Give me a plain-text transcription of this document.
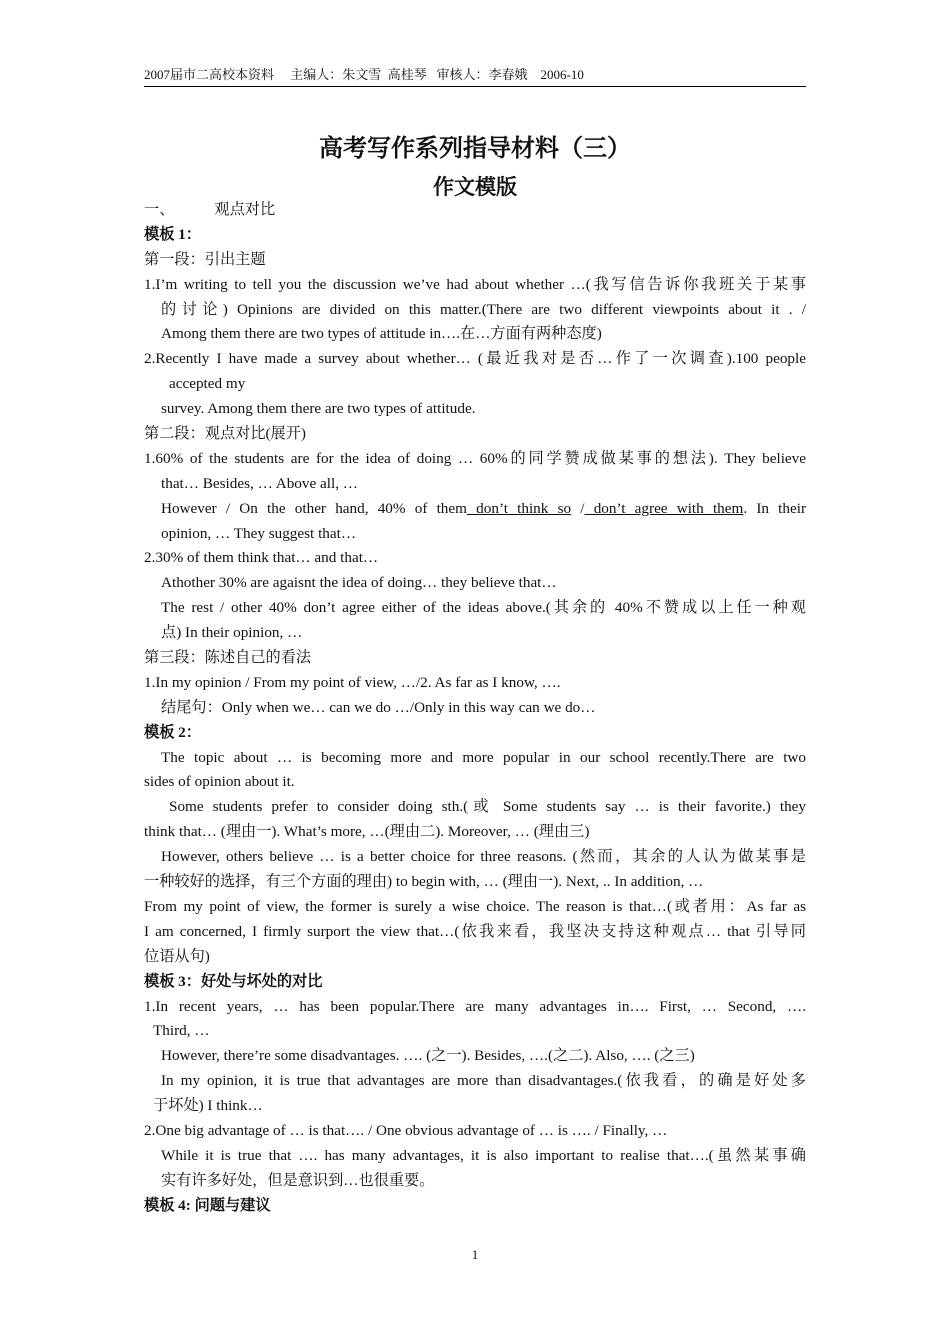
2007届市二高校本资料     主编人：朱文雪  高桂琴   审核人：李春娥    2006-10
高考写作系列指导材料（三）
作文模版
一、	观点对比
模板 1：
第一段：引出主题
1.I’m writing to tell you the discussion we’ve had about whether …(我写信告诉你我班关于某事
的讨论) Opinions are divided on this matter.(There are two different viewpoints about it . /
Among them there are two types of attitude in….在…方面有两种态度)
2.Recently I have made a survey about whether… (最近我对是否…作了一次调查).100 people
accepted my
survey. Among them there are two types of attitude.
第二段：观点对比(展开)
1.60% of the students are for the idea of doing … 60%的同学赞成做某事的想法). They believe
that… Besides, … Above all, …
However / On the other hand, 40% of them don’t think so / don’t agree with them. In their
opinion, … They suggest that…
2.30% of them think that… and that…
Athother 30% are agaisnt the idea of doing… they believe that…
The rest / other 40% don’t agree either of the ideas above.(其余的 40%不赞成以上任一种观
点) In their opinion, …
第三段：陈述自己的看法
1.In my opinion / From my point of view, …/2. As far as I know, ….
结尾句：Only when we… can we do …/Only in this way can we do…
模板 2：
The topic about … is becoming more and more popular in our school recently.There are two
sides of opinion about it.
Some students prefer to consider doing sth.(或 Some students say … is their favorite.) they
think that… (理由一). What’s more, …(理由二). Moreover, … (理由三)
However, others believe … is a better choice for three reasons. (然而，其余的人认为做某事是
一种较好的选择，有三个方面的理由) to begin with, … (理由一). Next, .. In addition, …
From my point of view, the former is surely a wise choice. The reason is that…(或者用：As far as
I am concerned, I firmly surport the view that…(依我来看，我坚决支持这种观点… that 引导同
位语从句)
模板 3：好处与坏处的对比
1.In recent years, … has been popular.There are many advantages in…. First, … Second, ….
Third, …
However, there’re some disadvantages. …. (之一). Besides, ….(之二). Also, …. (之三)
In my opinion, it is true that advantages are more than disadvantages.(依我看，的确是好处多
于坏处) I think…
2.One big advantage of … is that…. / One obvious advantage of … is …. / Finally, …
While it is true that …. has many advantages, it is also important to realise that….(虽然某事确
实有许多好处，但是意识到…也很重要。
模板 4: 问题与建议
1
